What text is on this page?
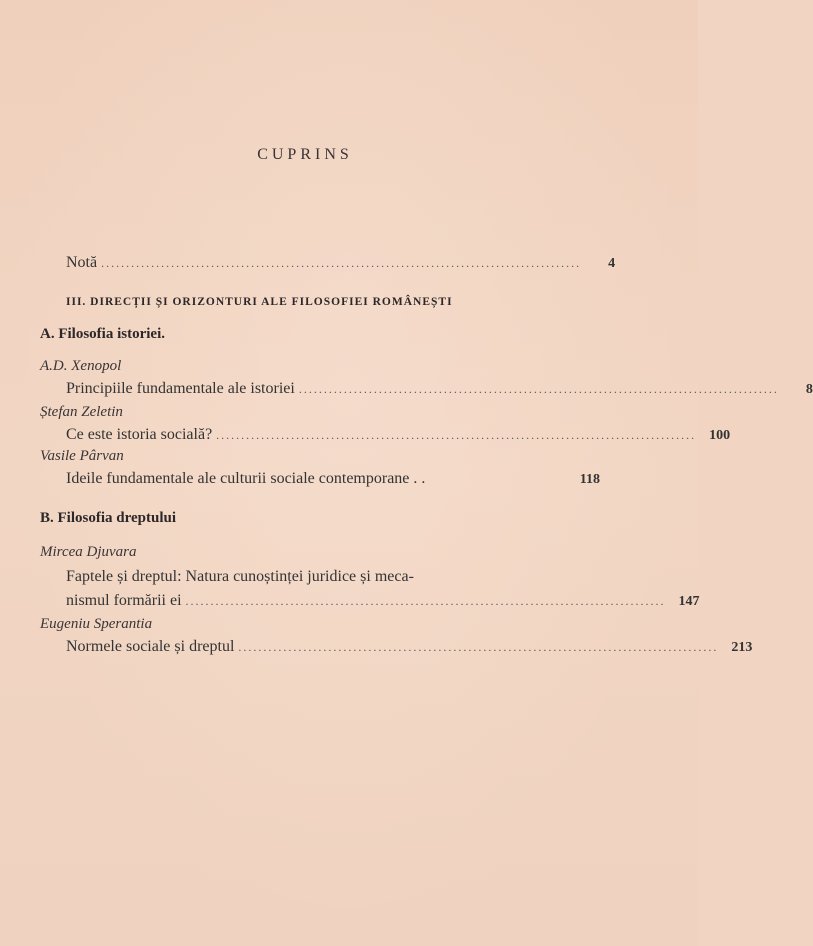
CUPRINS
Notă ................................................................................................	4
III. DIRECȚII ȘI ORIZONTURI ALE FILOSOFIEI ROMÂNEȘTI
A. Filosofia istoriei.
A.D. Xenopol
Principiile fundamentale ale istoriei ................................................................................................	8
Ștefan Zeletin
Ce este istoria socială? ................................................................................................ 100
Vasile Pârvan
Ideile fundamentale ale culturii sociale contemporane . .	118
B. Filosofia dreptului
Mircea Djuvara
Faptele și dreptul: Natura cunoștinței juridice și meca-
nismul formării ei ................................................................................................ 147
Eugeniu Sperantia
Normele sociale și dreptul ................................................................................................ 213
